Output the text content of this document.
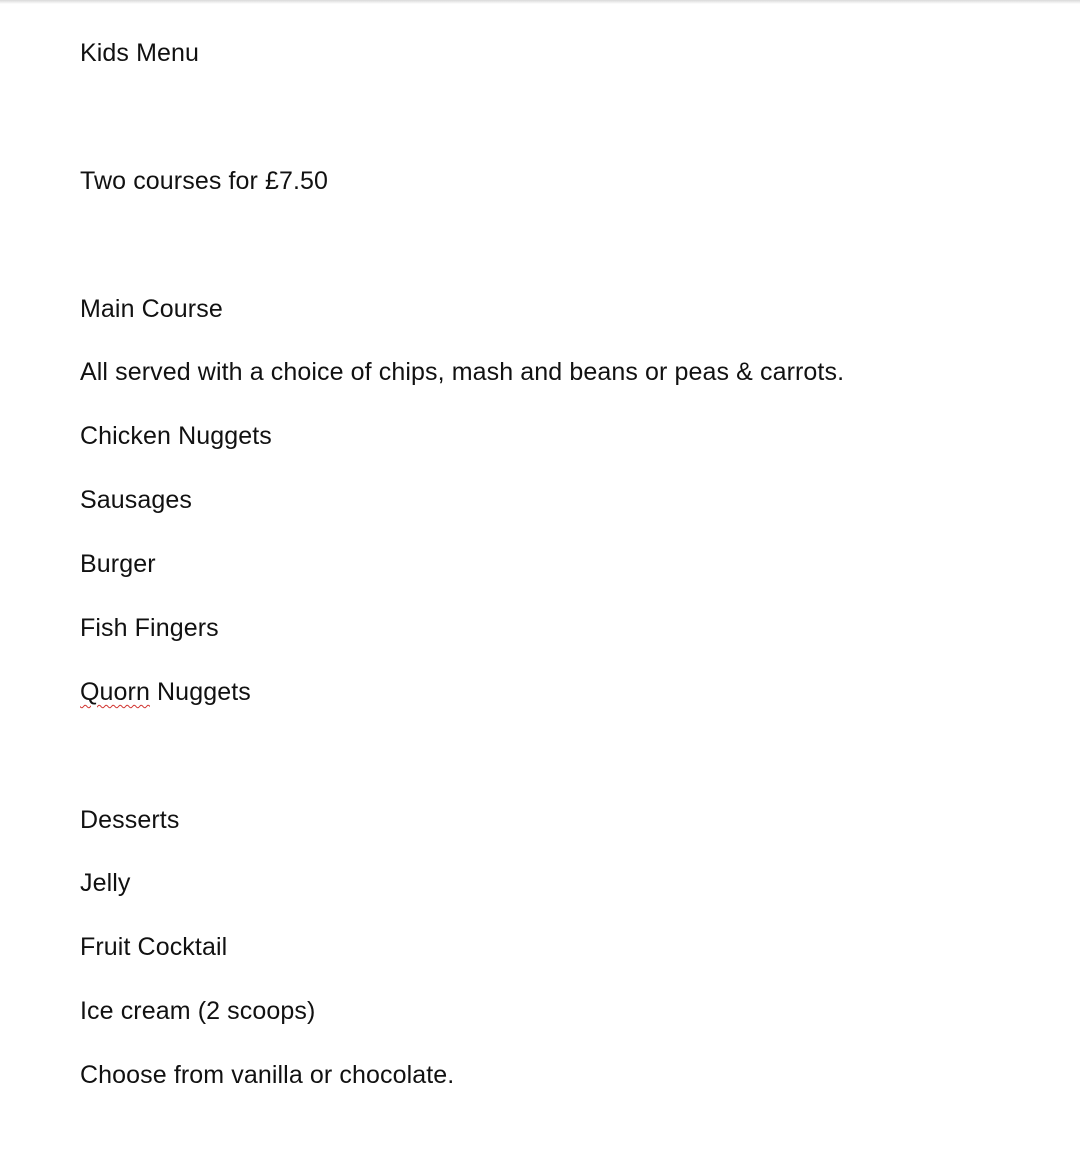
Kids Menu

Two courses for £7.50

Main Course

All served with a choice of chips, mash and beans or peas & carrots.

Chicken Nuggets

Sausages

Burger

Fish Fingers

Quorn Nuggets

Desserts

Jelly

Fruit Cocktail

Ice cream (2 scoops)

Choose from vanilla or chocolate.
